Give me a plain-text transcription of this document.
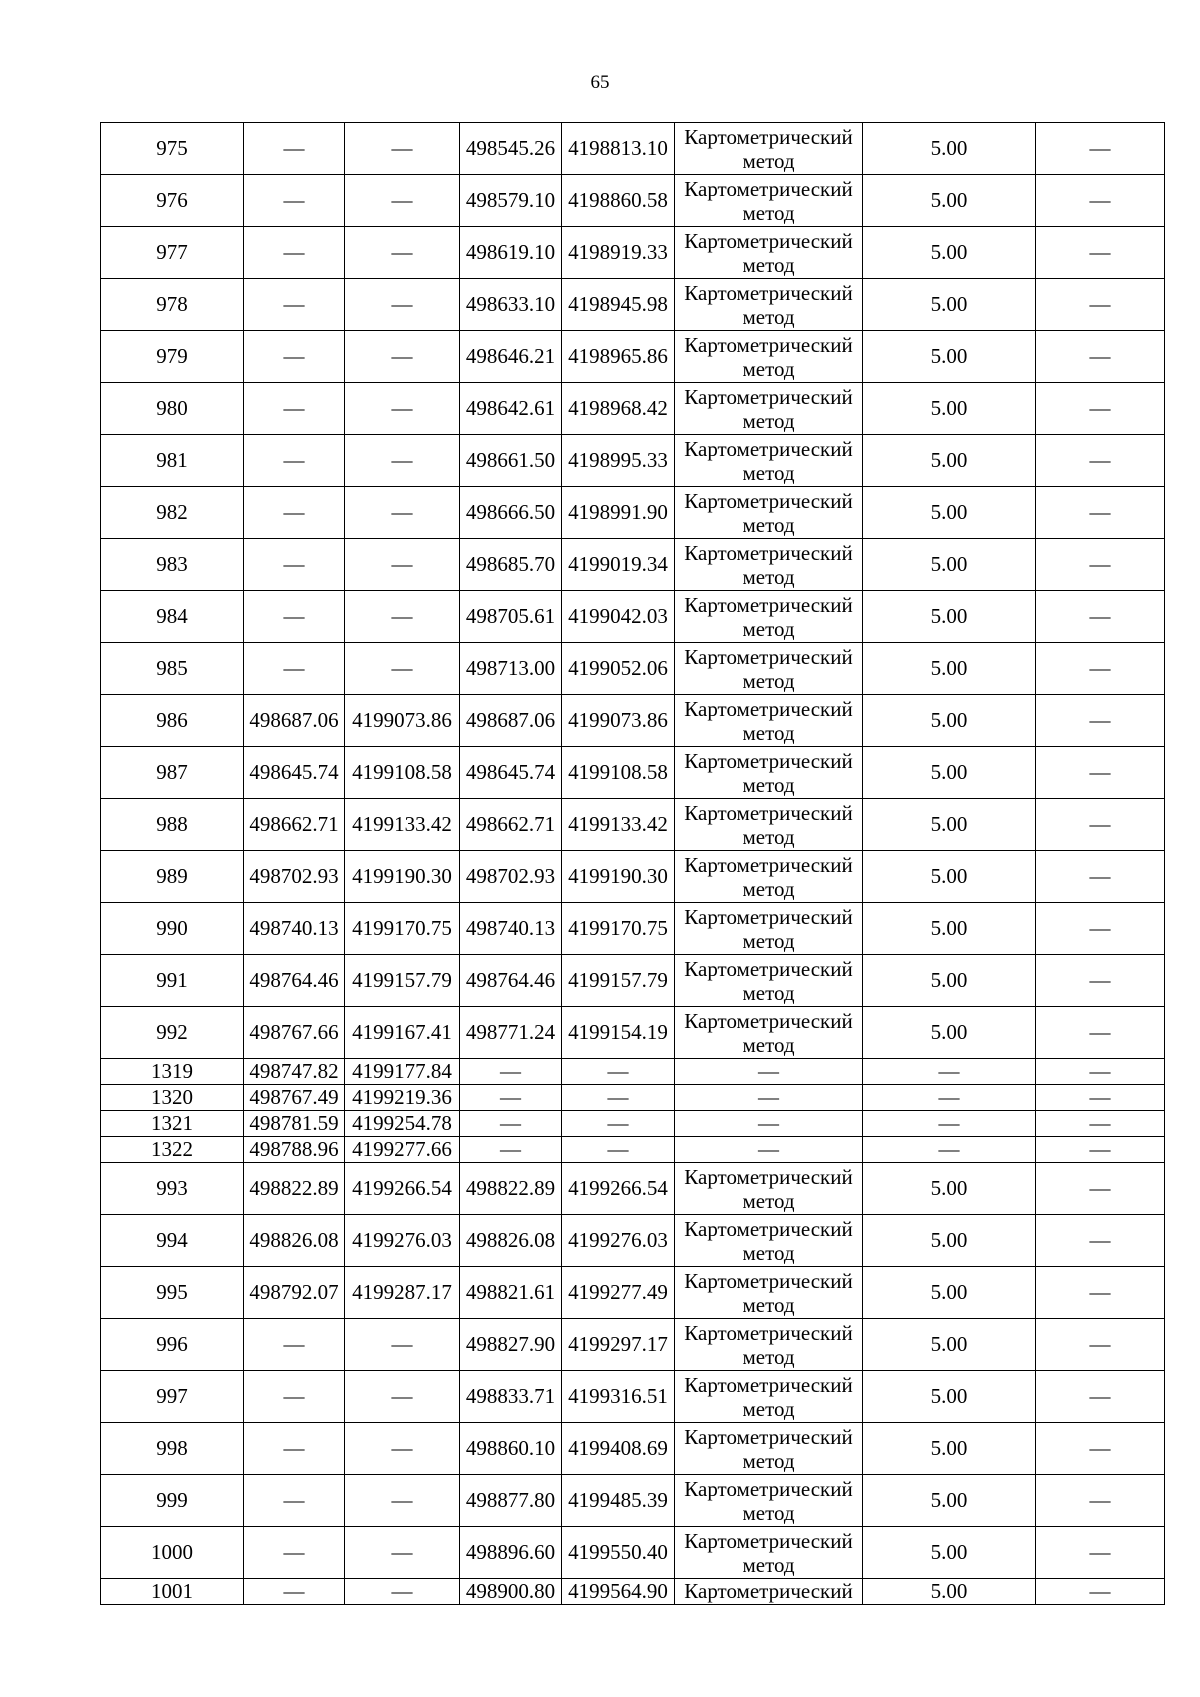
65
975	—	—	498545.26	4198813.10	Картометрический
метод	5.00	—
976	—	—	498579.10	4198860.58	Картометрический
метод	5.00	—
977	—	—	498619.10	4198919.33	Картометрический
метод	5.00	—
978	—	—	498633.10	4198945.98	Картометрический
метод	5.00	—
979	—	—	498646.21	4198965.86	Картометрический
метод	5.00	—
980	—	—	498642.61	4198968.42	Картометрический
метод	5.00	—
981	—	—	498661.50	4198995.33	Картометрический
метод	5.00	—
982	—	—	498666.50	4198991.90	Картометрический
метод	5.00	—
983	—	—	498685.70	4199019.34	Картометрический
метод	5.00	—
984	—	—	498705.61	4199042.03	Картометрический
метод	5.00	—
985	—	—	498713.00	4199052.06	Картометрический
метод	5.00	—
986	498687.06	4199073.86	498687.06	4199073.86	Картометрический
метод	5.00	—
987	498645.74	4199108.58	498645.74	4199108.58	Картометрический
метод	5.00	—
988	498662.71	4199133.42	498662.71	4199133.42	Картометрический
метод	5.00	—
989	498702.93	4199190.30	498702.93	4199190.30	Картометрический
метод	5.00	—
990	498740.13	4199170.75	498740.13	4199170.75	Картометрический
метод	5.00	—
991	498764.46	4199157.79	498764.46	4199157.79	Картометрический
метод	5.00	—
992	498767.66	4199167.41	498771.24	4199154.19	Картометрический
метод	5.00	—
1319	498747.82	4199177.84	—	—	—	—	—
1320	498767.49	4199219.36	—	—	—	—	—
1321	498781.59	4199254.78	—	—	—	—	—
1322	498788.96	4199277.66	—	—	—	—	—
993	498822.89	4199266.54	498822.89	4199266.54	Картометрический
метод	5.00	—
994	498826.08	4199276.03	498826.08	4199276.03	Картометрический
метод	5.00	—
995	498792.07	4199287.17	498821.61	4199277.49	Картометрический
метод	5.00	—
996	—	—	498827.90	4199297.17	Картометрический
метод	5.00	—
997	—	—	498833.71	4199316.51	Картометрический
метод	5.00	—
998	—	—	498860.10	4199408.69	Картометрический
метод	5.00	—
999	—	—	498877.80	4199485.39	Картометрический
метод	5.00	—
1000	—	—	498896.60	4199550.40	Картометрический
метод	5.00	—
1001	—	—	498900.80	4199564.90	Картометрический	5.00	—
